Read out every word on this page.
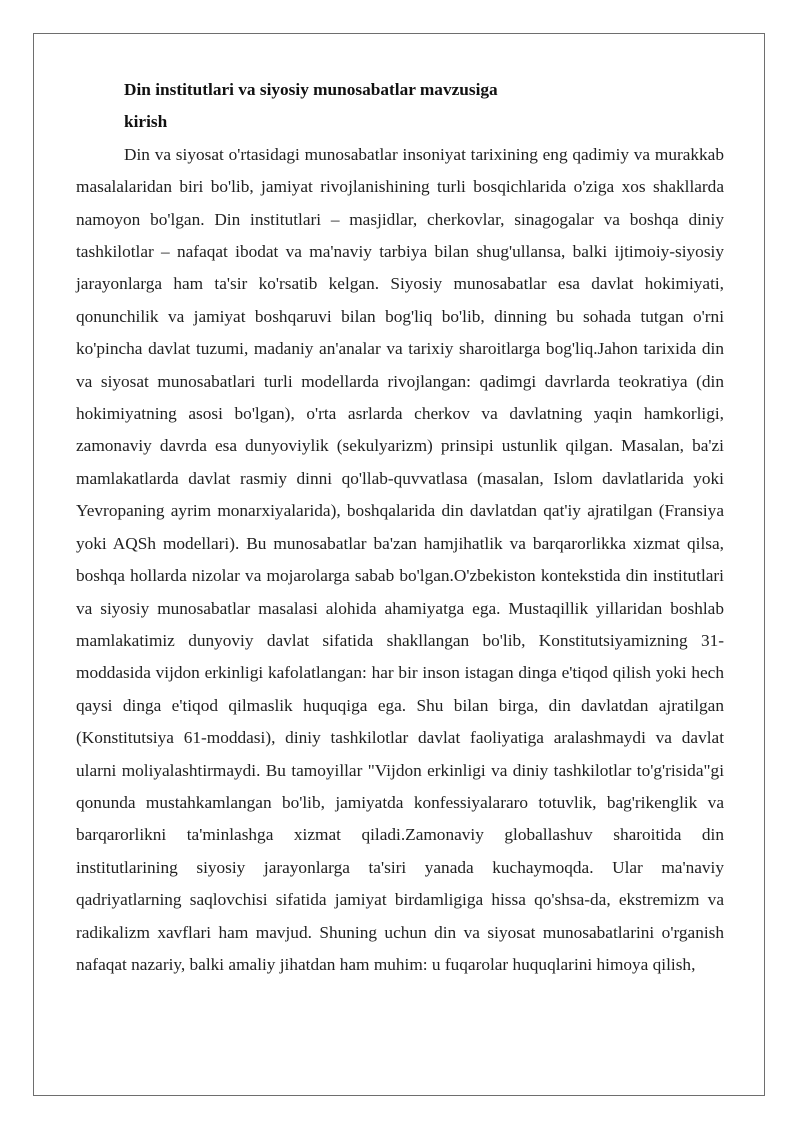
Din institutlari va siyosiy munosabatlar mavzusiga

kirish

Din va siyosat o'rtasidagi munosabatlar insoniyat tarixining eng qadimiy va murakkab masalalaridan biri bo'lib, jamiyat rivojlanishining turli bosqichlarida o'ziga xos shakllarda namoyon bo'lgan. Din institutlari – masjidlar, cherkovlar, sinagogalar va boshqa diniy tashkilotlar – nafaqat ibodat va ma'naviy tarbiya bilan shug'ullansa, balki ijtimoiy-siyosiy jarayonlarga ham ta'sir ko'rsatib kelgan. Siyosiy munosabatlar esa davlat hokimiyati, qonunchilik va jamiyat boshqaruvi bilan bog'liq bo'lib, dinning bu sohada tutgan o'rni ko'pincha davlat tuzumi, madaniy an'analar va tarixiy sharoitlarga bog'liq.Jahon tarixida din va siyosat munosabatlari turli modellarda rivojlangan: qadimgi davrlarda teokratiya (din hokimiyatning asosi bo'lgan), o'rta asrlarda cherkov va davlatning yaqin hamkorligi, zamonaviy davrda esa dunyoviylik (sekulyarizm) prinsipi ustunlik qilgan. Masalan, ba'zi mamlakatlarda davlat rasmiy dinni qo'llab-quvvatlasa (masalan, Islom davlatlarida yoki Yevropaning ayrim monarxiyalarida), boshqalarida din davlatdan qat'iy ajratilgan (Fransiya yoki AQSh modellari). Bu munosabatlar ba'zan hamjihatlik va barqarorlikka xizmat qilsa, boshqa hollarda nizolar va mojarolarga sabab bo'lgan.O'zbekiston kontekstida din institutlari va siyosiy munosabatlar masalasi alohida ahamiyatga ega. Mustaqillik yillaridan boshlab mamlakatimiz dunyoviy davlat sifatida shakllangan bo'lib, Konstitutsiyamizning 31-moddasida vijdon erkinligi kafolatlangan: har bir inson istagan dinga e'tiqod qilish yoki hech qaysi dinga e'tiqod qilmaslik huquqiga ega. Shu bilan birga, din davlatdan ajratilgan (Konstitutsiya 61-moddasi), diniy tashkilotlar davlat faoliyatiga aralashmaydi va davlat ularni moliyalashtirmaydi. Bu tamoyillar "Vijdon erkinligi va diniy tashkilotlar to'g'risida"gi qonunda mustahkamlangan bo'lib, jamiyatda konfessiyalararo totuvlik, bag'rikenglik va barqarorlikni ta'minlashga xizmat qiladi.Zamonaviy globallashuv sharoitida din institutlarining siyosiy jarayonlarga ta'siri yanada kuchaymoqda. Ular ma'naviy qadriyatlarning saqlovchisi sifatida jamiyat birdamligiga hissa qo'shsa-da, ekstremizm va radikalizm xavflari ham mavjud. Shuning uchun din va siyosat munosabatlarini o'rganish nafaqat nazariy, balki amaliy jihatdan ham muhim: u fuqarolar huquqlarini himoya qilish,
